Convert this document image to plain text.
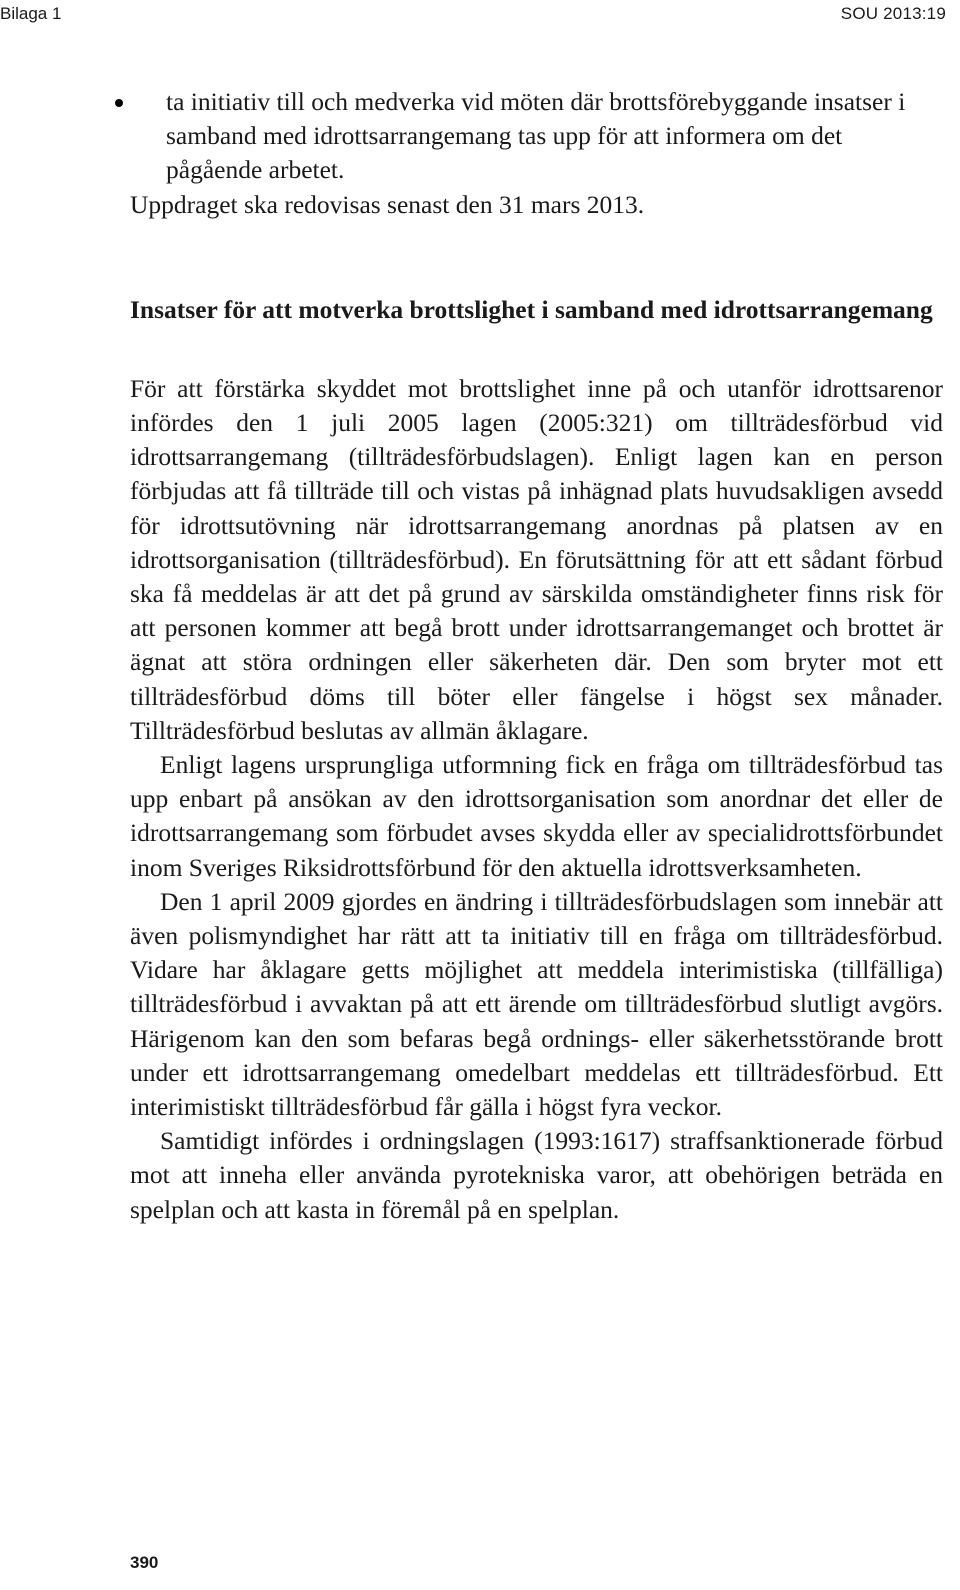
Bilaga 1	SOU 2013:19
ta initiativ till och medverka vid möten där brottsförebyggande insatser i samband med idrottsarrangemang tas upp för att informera om det pågående arbetet.

Uppdraget ska redovisas senast den 31 mars 2013.

Insatser för att motverka brottslighet i samband med idrottsarrangemang

För att förstärka skyddet mot brottslighet inne på och utanför idrottsarenor infördes den 1 juli 2005 lagen (2005:321) om tillträdesförbud vid idrottsarrangemang (tillträdesförbudslagen). Enligt lagen kan en person förbjudas att få tillträde till och vistas på inhägnad plats huvudsakligen avsedd för idrottsutövning när idrottsarrangemang anordnas på platsen av en idrottsorganisation (tillträdesförbud). En förutsättning för att ett sådant förbud ska få meddelas är att det på grund av särskilda omständigheter finns risk för att personen kommer att begå brott under idrottsarrangemanget och brottet är ägnat att störa ordningen eller säkerheten där. Den som bryter mot ett tillträdesförbud döms till böter eller fängelse i högst sex månader. Tillträdesförbud beslutas av allmän åklagare.

Enligt lagens ursprungliga utformning fick en fråga om tillträdesförbud tas upp enbart på ansökan av den idrottsorganisation som anordnar det eller de idrottsarrangemang som förbudet avses skydda eller av specialidrottsförbundet inom Sveriges Riksidrottsförbund för den aktuella idrottsverksamheten.

Den 1 april 2009 gjordes en ändring i tillträdesförbudslagen som innebär att även polismyndighet har rätt att ta initiativ till en fråga om tillträdesförbud. Vidare har åklagare getts möjlighet att meddela interimistiska (tillfälliga) tillträdesförbud i avvaktan på att ett ärende om tillträdesförbud slutligt avgörs. Härigenom kan den som befaras begå ordnings- eller säkerhetsstörande brott under ett idrottsarrangemang omedelbart meddelas ett tillträdesförbud. Ett interimistiskt tillträdesförbud får gälla i högst fyra veckor.

Samtidigt infördes i ordningslagen (1993:1617) straffsanktionerade förbud mot att inneha eller använda pyrotekniska varor, att obehörigen beträda en spelplan och att kasta in föremål på en spelplan.

390
